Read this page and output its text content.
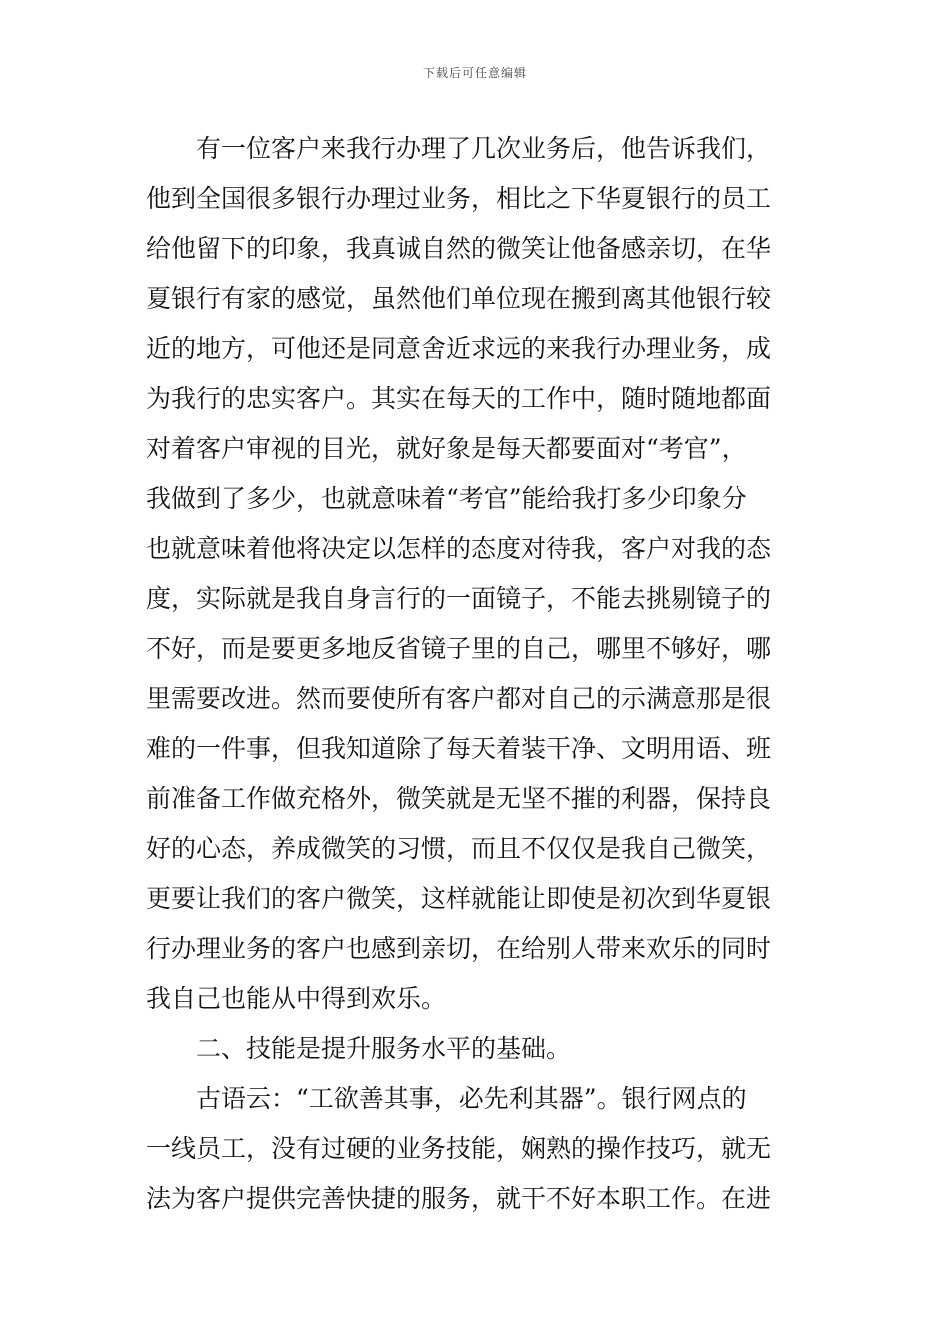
下载后可任意编辑
有一位客户来我行办理了几次业务后，他告诉我们，
他到全国很多银行办理过业务，相比之下华夏银行的员工
给他留下的印象，我真诚自然的微笑让他备感亲切，在华
夏银行有家的感觉，虽然他们单位现在搬到离其他银行较
近的地方，可他还是同意舍近求远的来我行办理业务，成
为我行的忠实客户。其实在每天的工作中，随时随地都面
对着客户审视的目光，就好象是每天都要面对“考官”，
我做到了多少，也就意味着“考官”能给我打多少印象分
也就意味着他将决定以怎样的态度对待我，客户对我的态
度，实际就是我自身言行的一面镜子，不能去挑剔镜子的
不好，而是要更多地反省镜子里的自己，哪里不够好，哪
里需要改进。然而要使所有客户都对自己的示满意那是很
难的一件事，但我知道除了每天着装干净、文明用语、班
前准备工作做充格外，微笑就是无坚不摧的利器，保持良
好的心态，养成微笑的习惯，而且不仅仅是我自己微笑，
更要让我们的客户微笑，这样就能让即使是初次到华夏银
行办理业务的客户也感到亲切，在给别人带来欢乐的同时
我自己也能从中得到欢乐。
二、技能是提升服务水平的基础。
古语云：“工欲善其事，必先利其器”。银行网点的
一线员工，没有过硬的业务技能，娴熟的操作技巧，就无
法为客户提供完善快捷的服务，就干不好本职工作。在进
